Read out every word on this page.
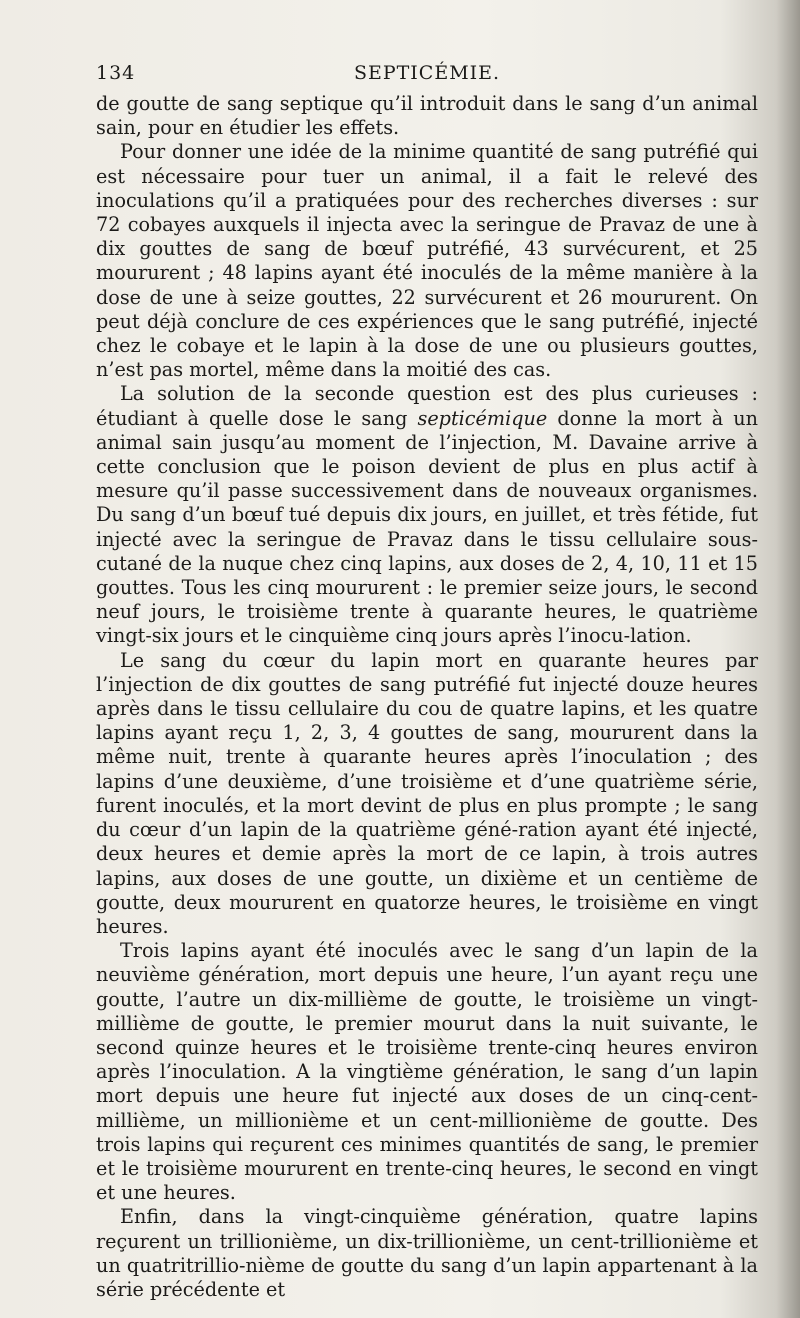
134	SEPTICÉMIE.

de goutte de sang septique qu’il introduit dans le sang d’un animal sain, pour en étudier les effets.

Pour donner une idée de la minime quantité de sang putréfié qui est nécessaire pour tuer un animal, il a fait le relevé des inoculations qu’il a pratiquées pour des recherches diverses : sur 72 cobayes auxquels il injecta avec la seringue de Pravaz de une à dix gouttes de sang de bœuf putréfié, 43 survécurent, et 25 moururent ; 48 lapins ayant été inoculés de la même manière à la dose de une à seize gouttes, 22 survécurent et 26 moururent. On peut déjà conclure de ces expériences que le sang putréfié, injecté chez le cobaye et le lapin à la dose de une ou plusieurs gouttes, n’est pas mortel, même dans la moitié des cas.

La solution de la seconde question est des plus curieuses : étudiant à quelle dose le sang septicémique donne la mort à un animal sain jusqu’au moment de l’injection, M. Davaine arrive à cette conclusion que le poison devient de plus en plus actif à mesure qu’il passe successivement dans de nouveaux organismes. Du sang d’un bœuf tué depuis dix jours, en juillet, et très fétide, fut injecté avec la seringue de Pravaz dans le tissu cellulaire sous-cutané de la nuque chez cinq lapins, aux doses de 2, 4, 10, 11 et 15 gouttes. Tous les cinq moururent : le premier seize jours, le second neuf jours, le troisième trente à quarante heures, le quatrième vingt-six jours et le cinquième cinq jours après l’inocu-lation.

Le sang du cœur du lapin mort en quarante heures par l’injection de dix gouttes de sang putréfié fut injecté douze heures après dans le tissu cellulaire du cou de quatre lapins, et les quatre lapins ayant reçu 1, 2, 3, 4 gouttes de sang, moururent dans la même nuit, trente à quarante heures après l’inoculation ; des lapins d’une deuxième, d’une troisième et d’une quatrième série, furent inoculés, et la mort devint de plus en plus prompte ; le sang du cœur d’un lapin de la quatrième géné-ration ayant été injecté, deux heures et demie après la mort de ce lapin, à trois autres lapins, aux doses de une goutte, un dixième et un centième de goutte, deux moururent en quatorze heures, le troisième en vingt heures.

Trois lapins ayant été inoculés avec le sang d’un lapin de la neuvième génération, mort depuis une heure, l’un ayant reçu une goutte, l’autre un dix-millième de goutte, le troisième un vingt-millième de goutte, le premier mourut dans la nuit suivante, le second quinze heures et le troisième trente-cinq heures environ après l’inoculation. A la vingtième génération, le sang d’un lapin mort depuis une heure fut injecté aux doses de un cinq-cent-millième, un millionième et un cent-millionième de goutte. Des trois lapins qui reçurent ces minimes quantités de sang, le premier et le troisième moururent en trente-cinq heures, le second en vingt et une heures.

Enfin, dans la vingt-cinquième génération, quatre lapins reçurent un trillionième, un dix-trillionième, un cent-trillionième et un quatritrillio-nième de goutte du sang d’un lapin appartenant à la série précédente et
